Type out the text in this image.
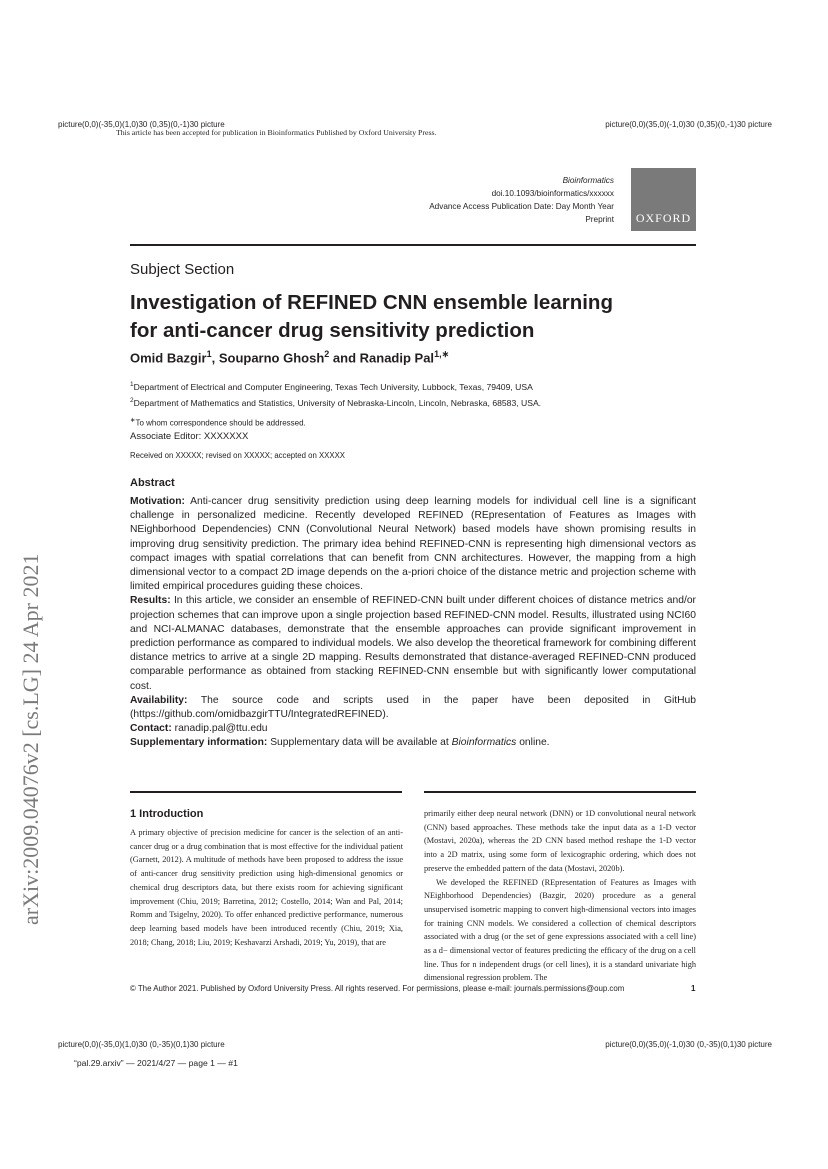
picture(0,0)(-35,0)(1,0)30 (0,35)(0,-1)30 picture
This article has been accepted for publication in Bioinformatics Published by Oxford University Press.
picture(0,0)(35,0)(-1,0)30 (0,35)(0,-1)30 picture
Bioinformatics
doi.10.1093/bioinformatics/xxxxxx
Advance Access Publication Date: Day Month Year
Preprint OXFORD
arXiv:2009.04076v2 [cs.LG] 24 Apr 2021
Subject Section
Investigation of REFINED CNN ensemble learning
for anti-cancer drug sensitivity prediction
Omid Bazgir$^1$, Souparno Ghosh$^2$ and Ranadip Pal$^{1,∗}$
$^1$Department of Electrical and Computer Engineering, Texas Tech University, Lubbock, Texas, 79409, USA
$^2$Department of Mathematics and Statistics, University of Nebraska-Lincoln, Lincoln, Nebraska, 68583, USA.
∗To whom correspondence should be addressed.
Associate Editor: XXXXXXX
Received on XXXXX; revised on XXXXX; accepted on XXXXX
Abstract

Motivation: Anti-cancer drug sensitivity prediction using deep learning models for individual cell line is a significant challenge in personalized medicine. Recently developed REFINED (REpresentation of Features as Images with NEighborhood Dependencies) CNN (Convolutional Neural Network) based models have shown promising results in improving drug sensitivity prediction. The primary idea behind REFINED-CNN is representing high dimensional vectors as compact images with spatial correlations that can benefit from CNN architectures. However, the mapping from a high dimensional vector to a compact 2D image depends on the a-priori choice of the distance metric and projection scheme with limited empirical procedures guiding these choices.

Results: In this article, we consider an ensemble of REFINED-CNN built under different choices of distance metrics and/or projection schemes that can improve upon a single projection based REFINED-CNN model. Results, illustrated using NCI60 and NCI-ALMANAC databases, demonstrate that the ensemble approaches can provide significant improvement in prediction performance as compared to individual models. We also develop the theoretical framework for combining different distance metrics to arrive at a single 2D mapping. Results demonstrated that distance-averaged REFINED-CNN produced comparable performance as obtained from stacking REFINED-CNN ensemble but with significantly lower computational cost.

Availability: The source code and scripts used in the paper have been deposited in GitHub (https://github.com/omidbazgirTTU/IntegratedREFINED).

Contact: ranadip.pal@ttu.edu

Supplementary information: Supplementary data will be available at Bioinformatics online.

1 Introduction

A primary objective of precision medicine for cancer is the selection of an anti-cancer drug or a drug combination that is most effective for the individual patient (Garnett, 2012). A multitude of methods have been proposed to address the issue of anti-cancer drug sensitivity prediction using high-dimensional genomics or chemical drug descriptors data, but there exists room for achieving significant improvement (Chiu, 2019; Barretina, 2012; Costello, 2014; Wan and Pal, 2014; Romm and Tsigelny, 2020). To offer enhanced predictive performance, numerous deep learning based models have been introduced recently (Chiu, 2019; Xia, 2018; Chang, 2018; Liu, 2019; Keshavarzi Arshadi, 2019; Yu, 2019), that are

primarily either deep neural network (DNN) or 1D convolutional neural network (CNN) based approaches. These methods take the input data as a 1-D vector (Mostavi, 2020a), whereas the 2D CNN based method reshape the 1-D vector into a 2D matrix, using some form of lexicographic ordering, which does not preserve the embedded pattern of the data (Mostavi, 2020b).

We developed the REFINED (REpresentation of Features as Images with NEighborhood Dependencies) (Bazgir, 2020) procedure as a general unsupervised isometric mapping to convert high-dimensional vectors into images for training CNN models. We considered a collection of chemical descriptors associated with a drug (or the set of gene expressions associated with a cell line) as a d− dimensional vector of features predicting the efficacy of the drug on a cell line. Thus for n independent drugs (or cell lines), it is a standard univariate high dimensional regression problem. The

© The Author 2021. Published by Oxford University Press. All rights reserved. For permissions, please e-mail: journals.permissions@oup.com	1
picture(0,0)(-35,0)(1,0)30 (0,-35)(0,1)30 picture	picture(0,0)(35,0)(-1,0)30 (0,-35)(0,1)30 picture
“pal.29.arxiv” — 2021/4/27 — page 1 — #1
